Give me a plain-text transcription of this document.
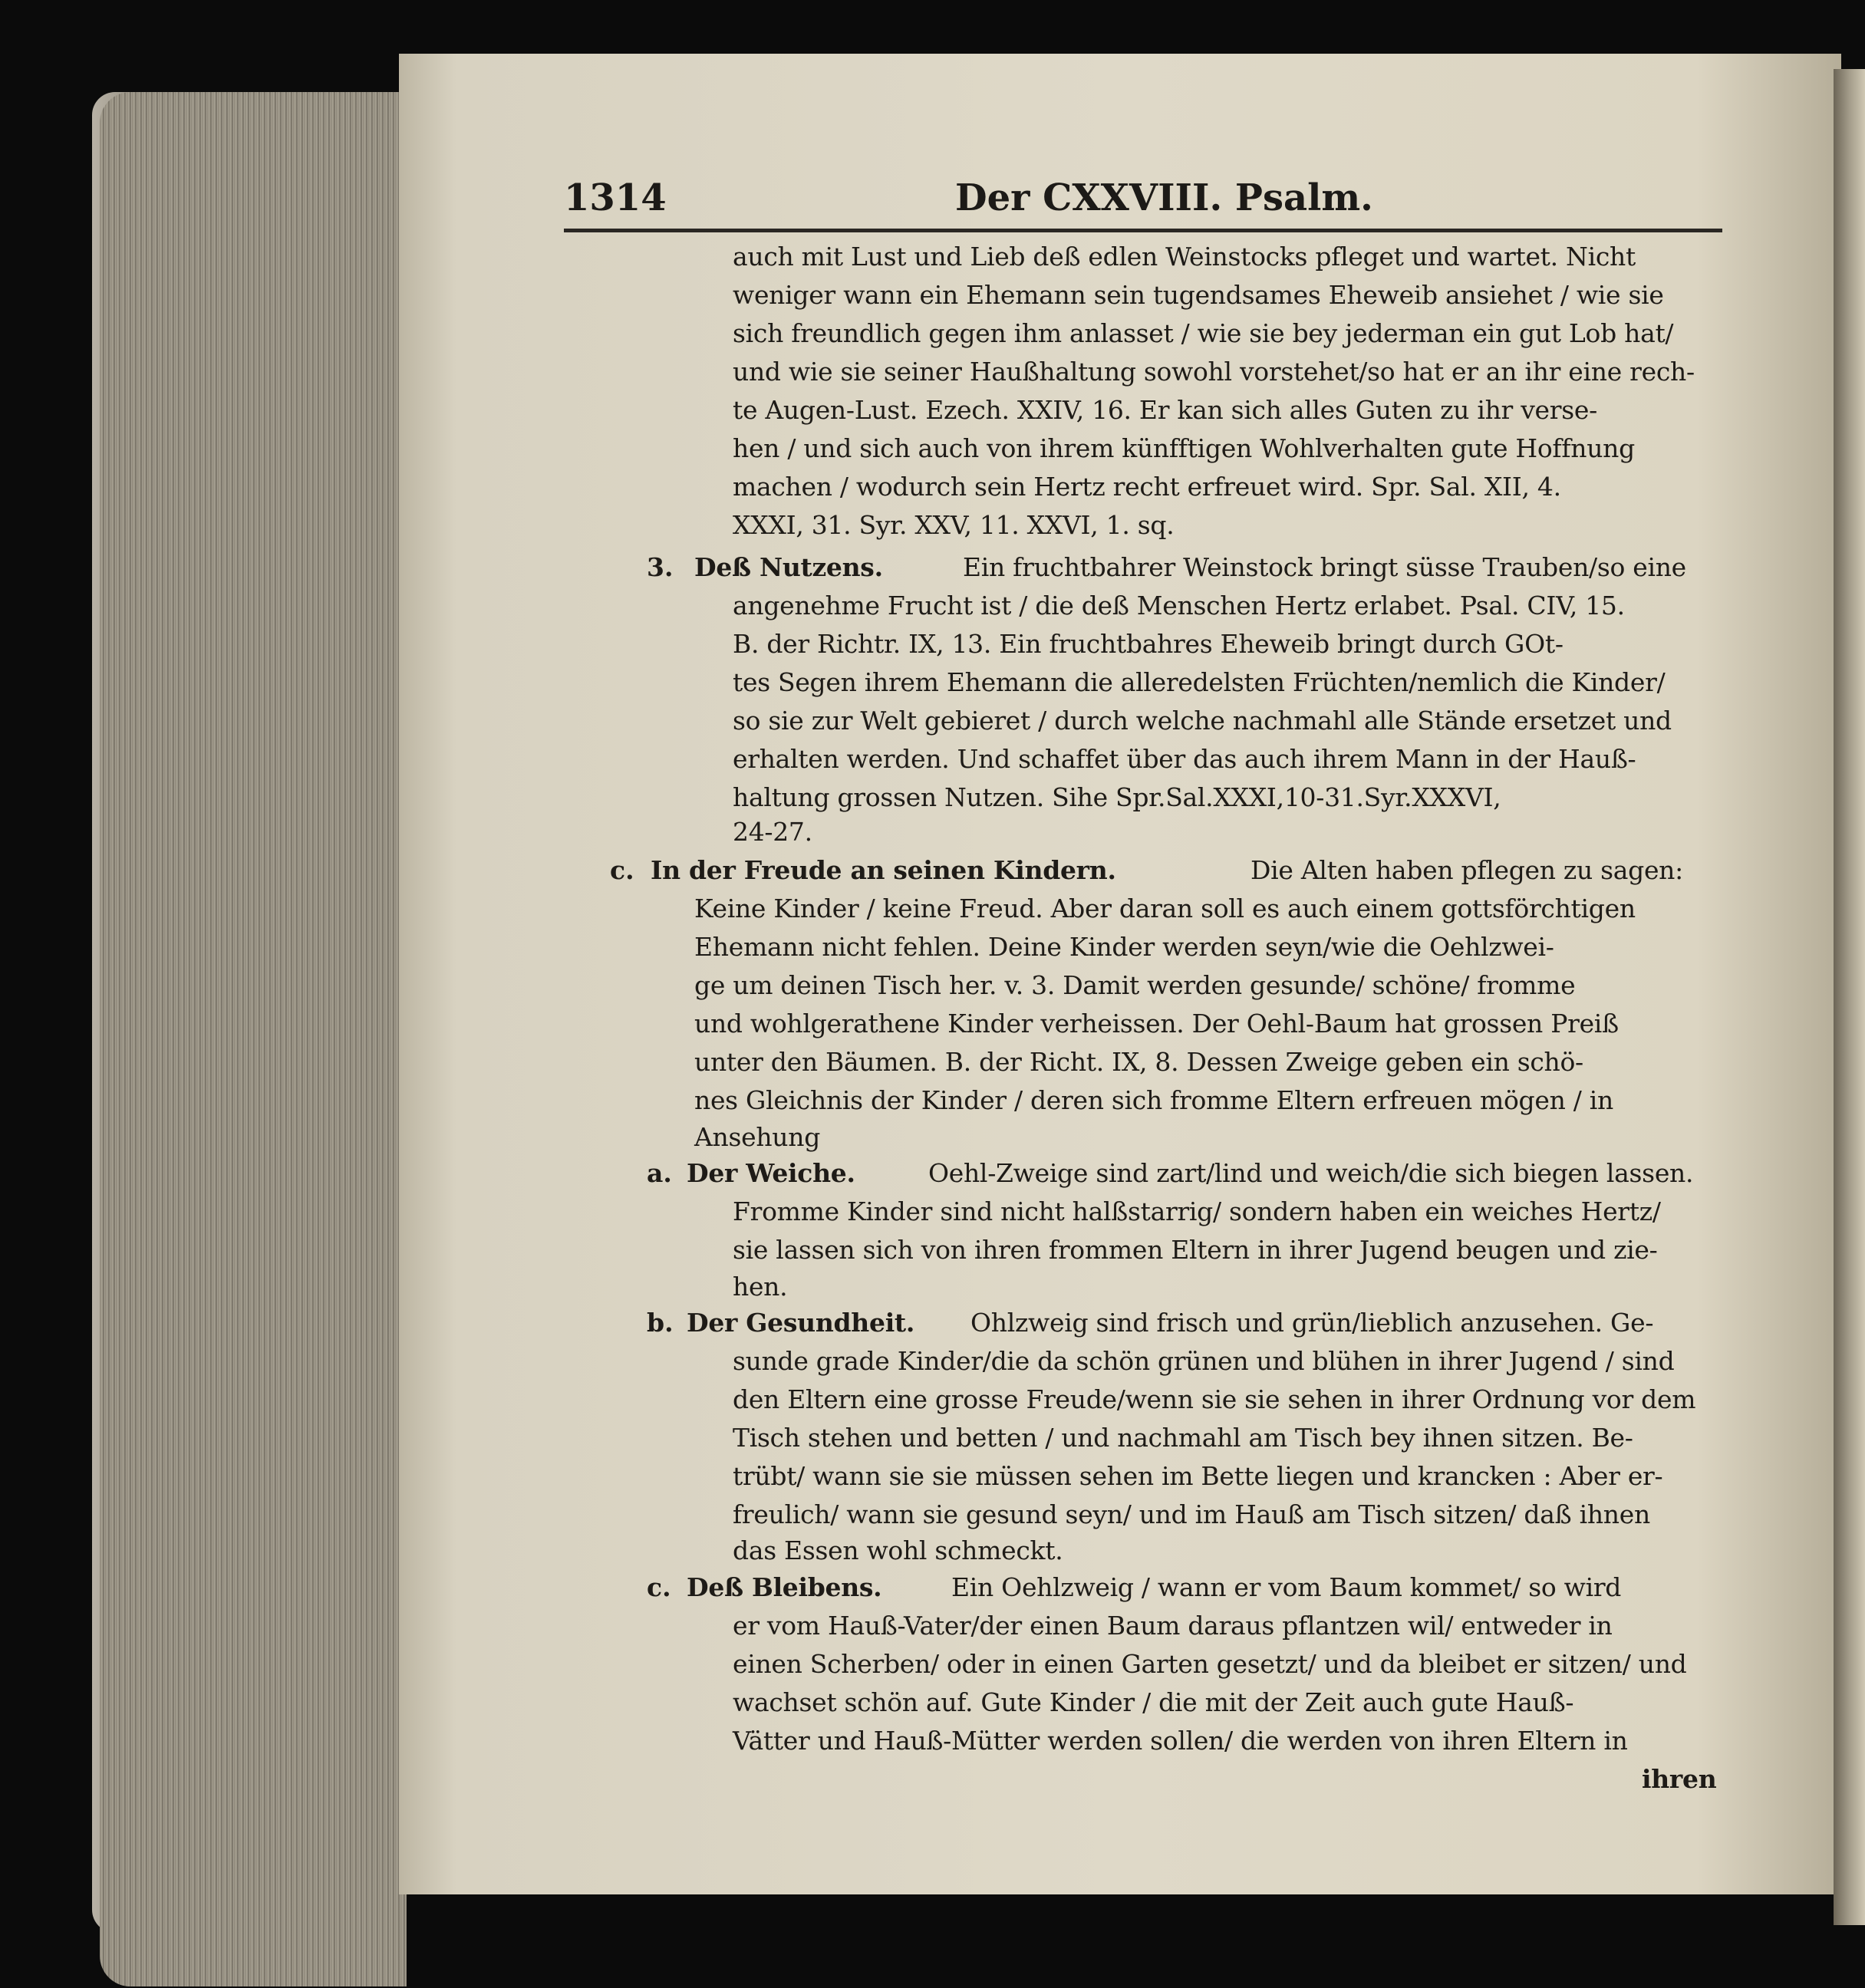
1314	Der CXXVIII. Psalm.
auch mit Lust und Lieb deß edlen Weinstocks pfleget und wartet. Nicht
weniger wann ein Ehemann sein tugendsames Eheweib ansiehet / wie sie
sich freundlich gegen ihm anlasset / wie sie bey jederman ein gut Lob hat/
und wie sie seiner Haußhaltung sowohl vorstehet/so hat er an ihr eine rech-
te Augen-Lust. Ezech. XXIV, 16. Er kan sich alles Guten zu ihr verse-
hen / und sich auch von ihrem künfftigen Wohlverhalten gute Hoffnung
machen / wodurch sein Hertz recht erfreuet wird. Spr. Sal. XII, 4.
XXXI, 31. Syr. XXV, 11. XXVI, 1. sq.
3. Deß Nutzens.	Ein fruchtbahrer Weinstock bringt süsse Trauben/so eine
angenehme Frucht ist / die deß Menschen Hertz erlabet. Psal. CIV, 15.
B. der Richtr. IX, 13. Ein fruchtbahres Eheweib bringt durch GOt-
tes Segen ihrem Ehemann die alleredelsten Früchten/nemlich die Kinder/
so sie zur Welt gebieret / durch welche nachmahl alle Stände ersetzet und
erhalten werden. Und schaffet über das auch ihrem Mann in der Hauß-
haltung grossen Nutzen. Sihe Spr.Sal.XXXI,10-31.Syr.XXXVI,
24-27.
c. In der Freude an seinen Kindern.	Die Alten haben pflegen zu sagen:
Keine Kinder / keine Freud. Aber daran soll es auch einem gottsförchtigen
Ehemann nicht fehlen. Deine Kinder werden seyn/wie die Oehlzwei-
ge um deinen Tisch her. v. 3. Damit werden gesunde/ schöne/ fromme
und wohlgerathene Kinder verheissen. Der Oehl-Baum hat grossen Preiß
unter den Bäumen. B. der Richt. IX, 8. Dessen Zweige geben ein schö-
nes Gleichnis der Kinder / deren sich fromme Eltern erfreuen mögen / in
Ansehung
a. Der Weiche.	Oehl-Zweige sind zart/lind und weich/die sich biegen lassen.
Fromme Kinder sind nicht halßstarrig/ sondern haben ein weiches Hertz/
sie lassen sich von ihren frommen Eltern in ihrer Jugend beugen und zie-
hen.
b. Der Gesundheit. Ohlzweig sind frisch und grün/lieblich anzusehen. Ge-
sunde grade Kinder/die da schön grünen und blühen in ihrer Jugend / sind
den Eltern eine grosse Freude/wenn sie sie sehen in ihrer Ordnung vor dem
Tisch stehen und betten / und nachmahl am Tisch bey ihnen sitzen. Be-
trübt/ wann sie sie müssen sehen im Bette liegen und krancken : Aber er-
freulich/ wann sie gesund seyn/ und im Hauß am Tisch sitzen/ daß ihnen
das Essen wohl schmeckt.
c. Deß Bleibens.	Ein Oehlzweig / wann er vom Baum kommet/ so wird
er vom Hauß-Vater/der einen Baum daraus pflantzen wil/ entweder in
einen Scherben/ oder in einen Garten gesetzt/ und da bleibet er sitzen/ und
wachset schön auf. Gute Kinder / die mit der Zeit auch gute Hauß-
Vätter und Hauß-Mütter werden sollen/ die werden von ihren Eltern in
ihren
